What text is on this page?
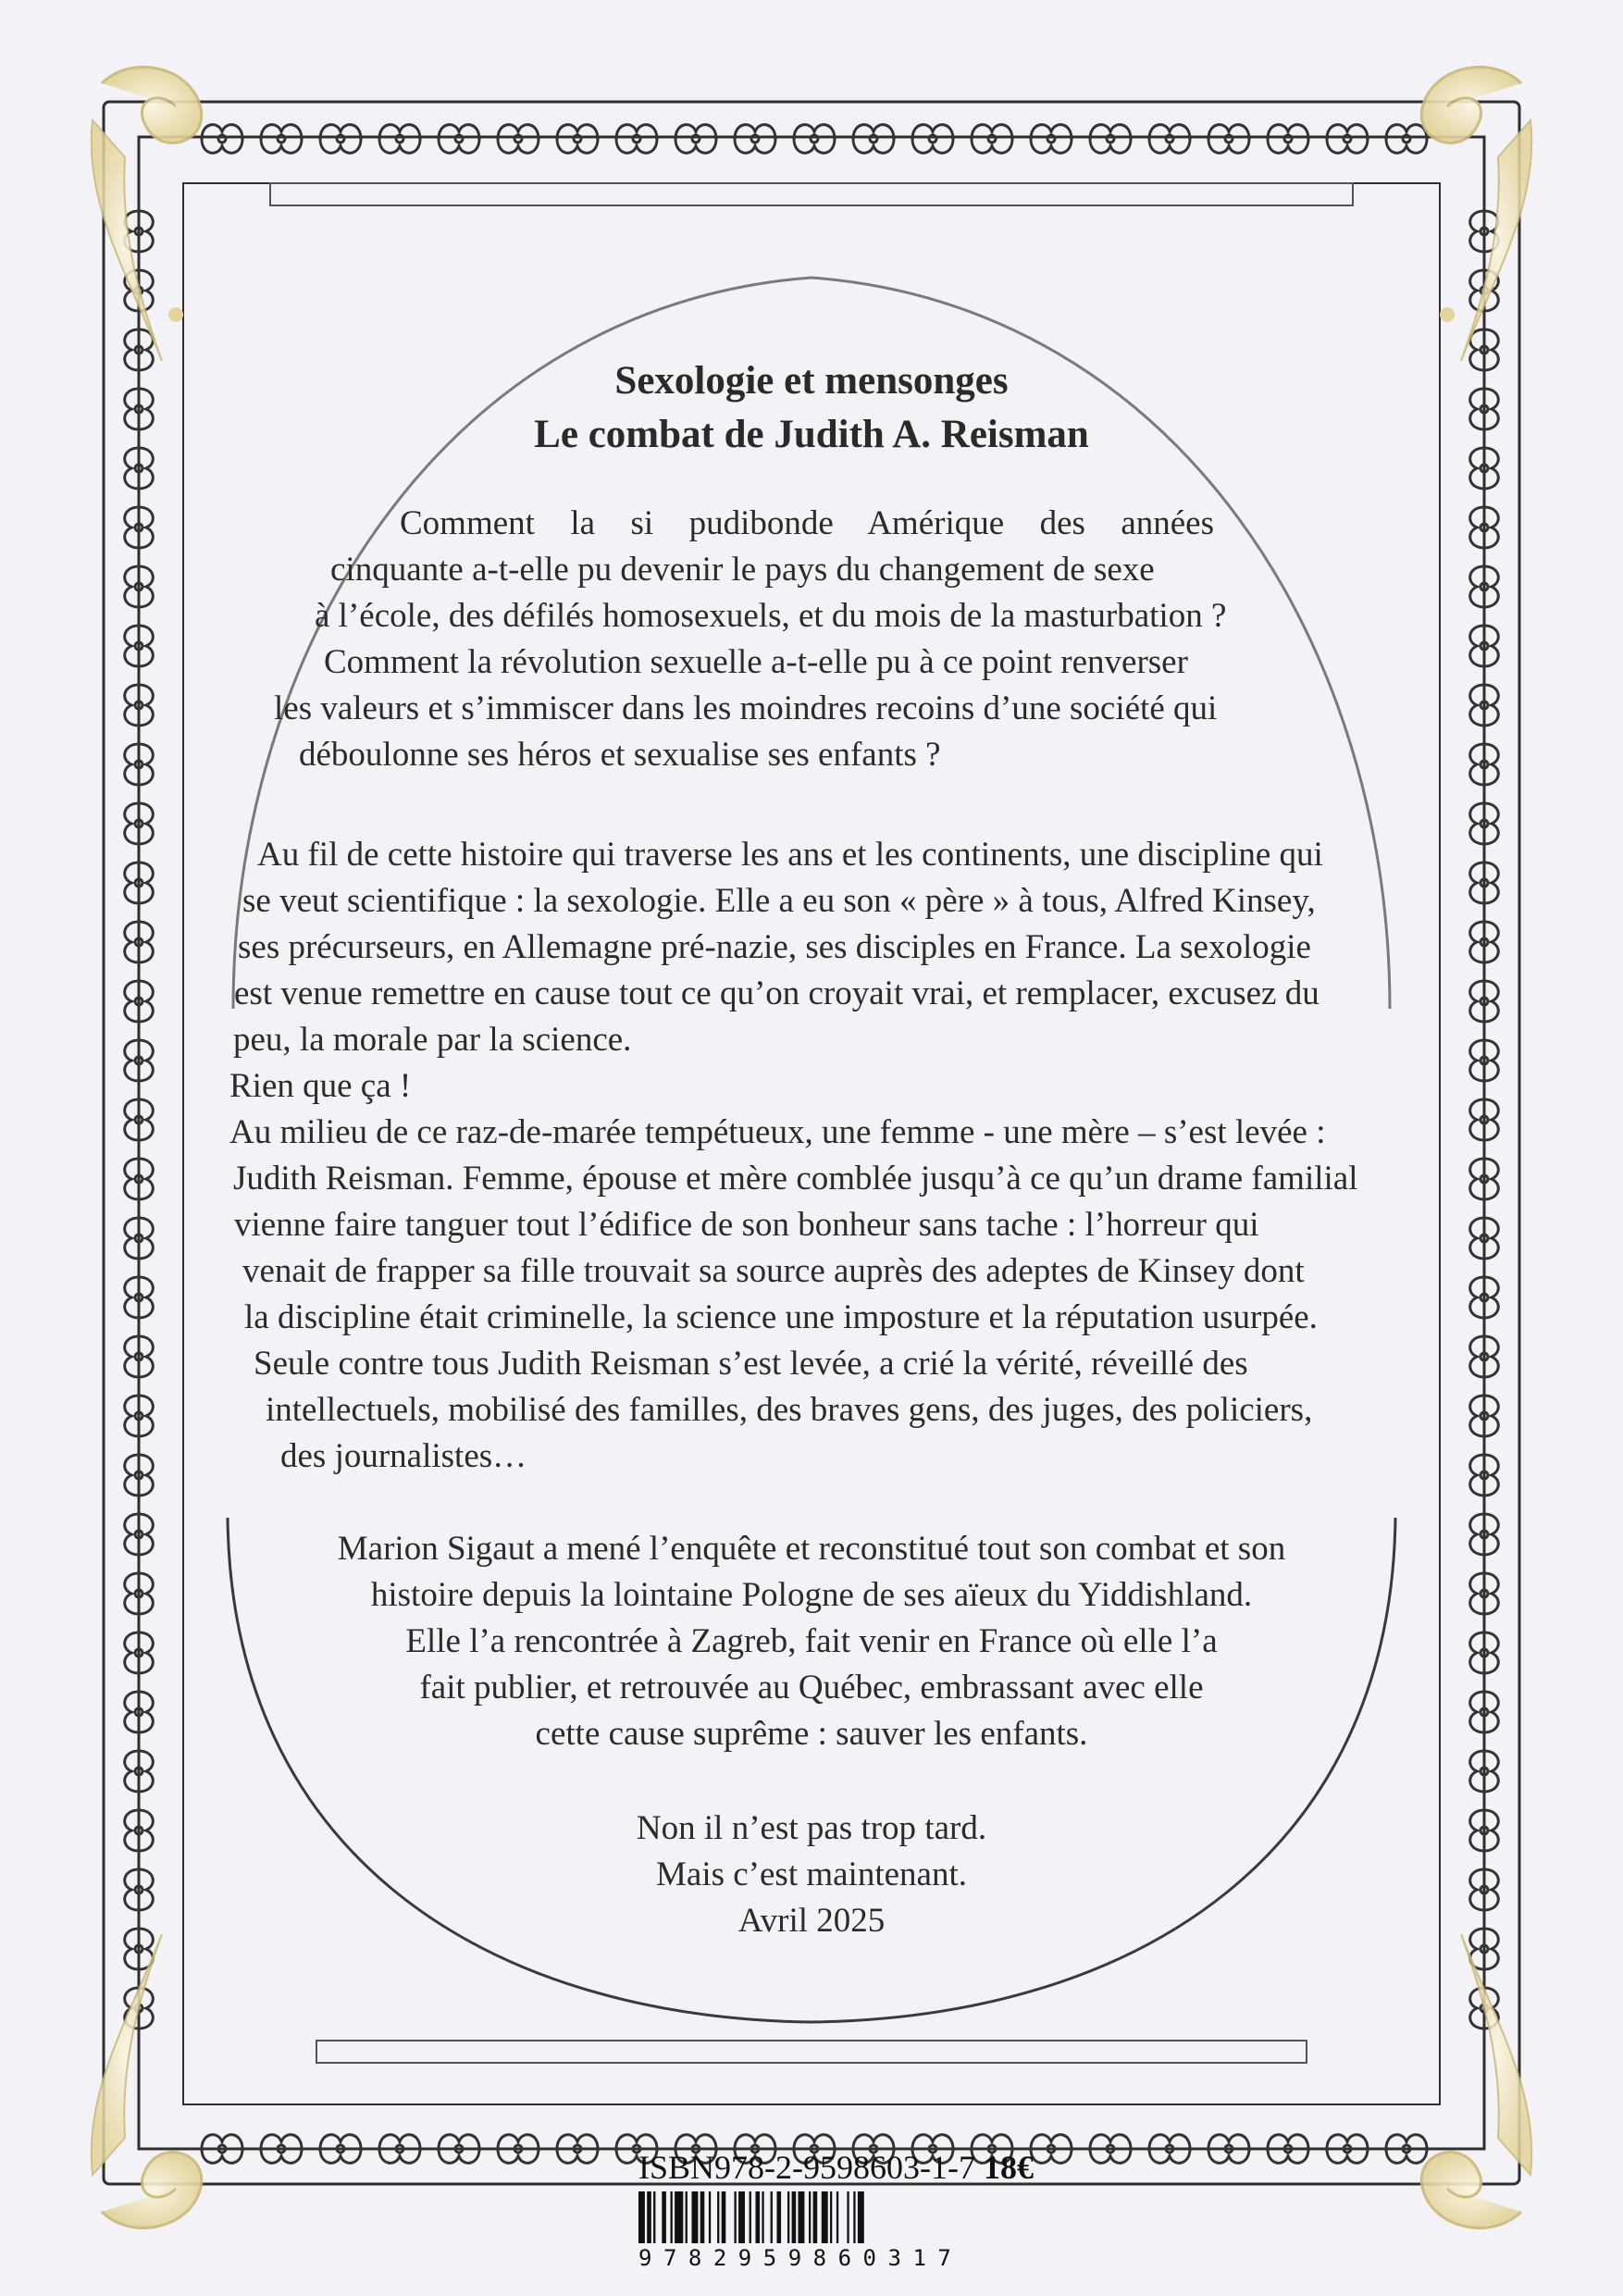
Sexologie et mensonges
Le combat de Judith A. Reisman
Comment la si pudibonde Amérique des années
cinquante a-t-elle pu devenir le pays du changement de sexe
à l’école, des défilés homosexuels, et du mois de la masturbation ?
Comment la révolution sexuelle a-t-elle pu à ce point renverser
les valeurs et s’immiscer dans les moindres recoins d’une société qui
déboulonne ses héros et sexualise ses enfants ?
Au fil de cette histoire qui traverse les ans et les continents, une discipline qui
se veut scientifique : la sexologie. Elle a eu son « père » à tous, Alfred Kinsey,
ses précurseurs, en Allemagne pré-nazie, ses disciples en France. La sexologie
est venue remettre en cause tout ce qu’on croyait vrai, et remplacer, excusez du
peu, la morale par la science.
Rien que ça !
Au milieu de ce raz-de-marée tempétueux, une femme - une mère – s’est levée :
Judith Reisman. Femme, épouse et mère comblée jusqu’à ce qu’un drame familial
vienne faire tanguer tout l’édifice de son bonheur sans tache : l’horreur qui
venait de frapper sa fille trouvait sa source auprès des adeptes de Kinsey dont
la discipline était criminelle, la science une imposture et la réputation usurpée.
Seule contre tous Judith Reisman s’est levée, a crié la vérité, réveillé des
intellectuels, mobilisé des familles, des braves gens, des juges, des policiers,
des journalistes…
Marion Sigaut a mené l’enquête et reconstitué tout son combat et son
histoire depuis la lointaine Pologne de ses aïeux du Yiddishland.
Elle l’a rencontrée à Zagreb, fait venir en France où elle l’a
fait publier, et retrouvée au Québec, embrassant avec elle
cette cause suprême : sauver les enfants.
Non il n’est pas trop tard.
Mais c’est maintenant.
Avril 2025
ISBN978-2-9598603-1-7 18€
9782959860317
